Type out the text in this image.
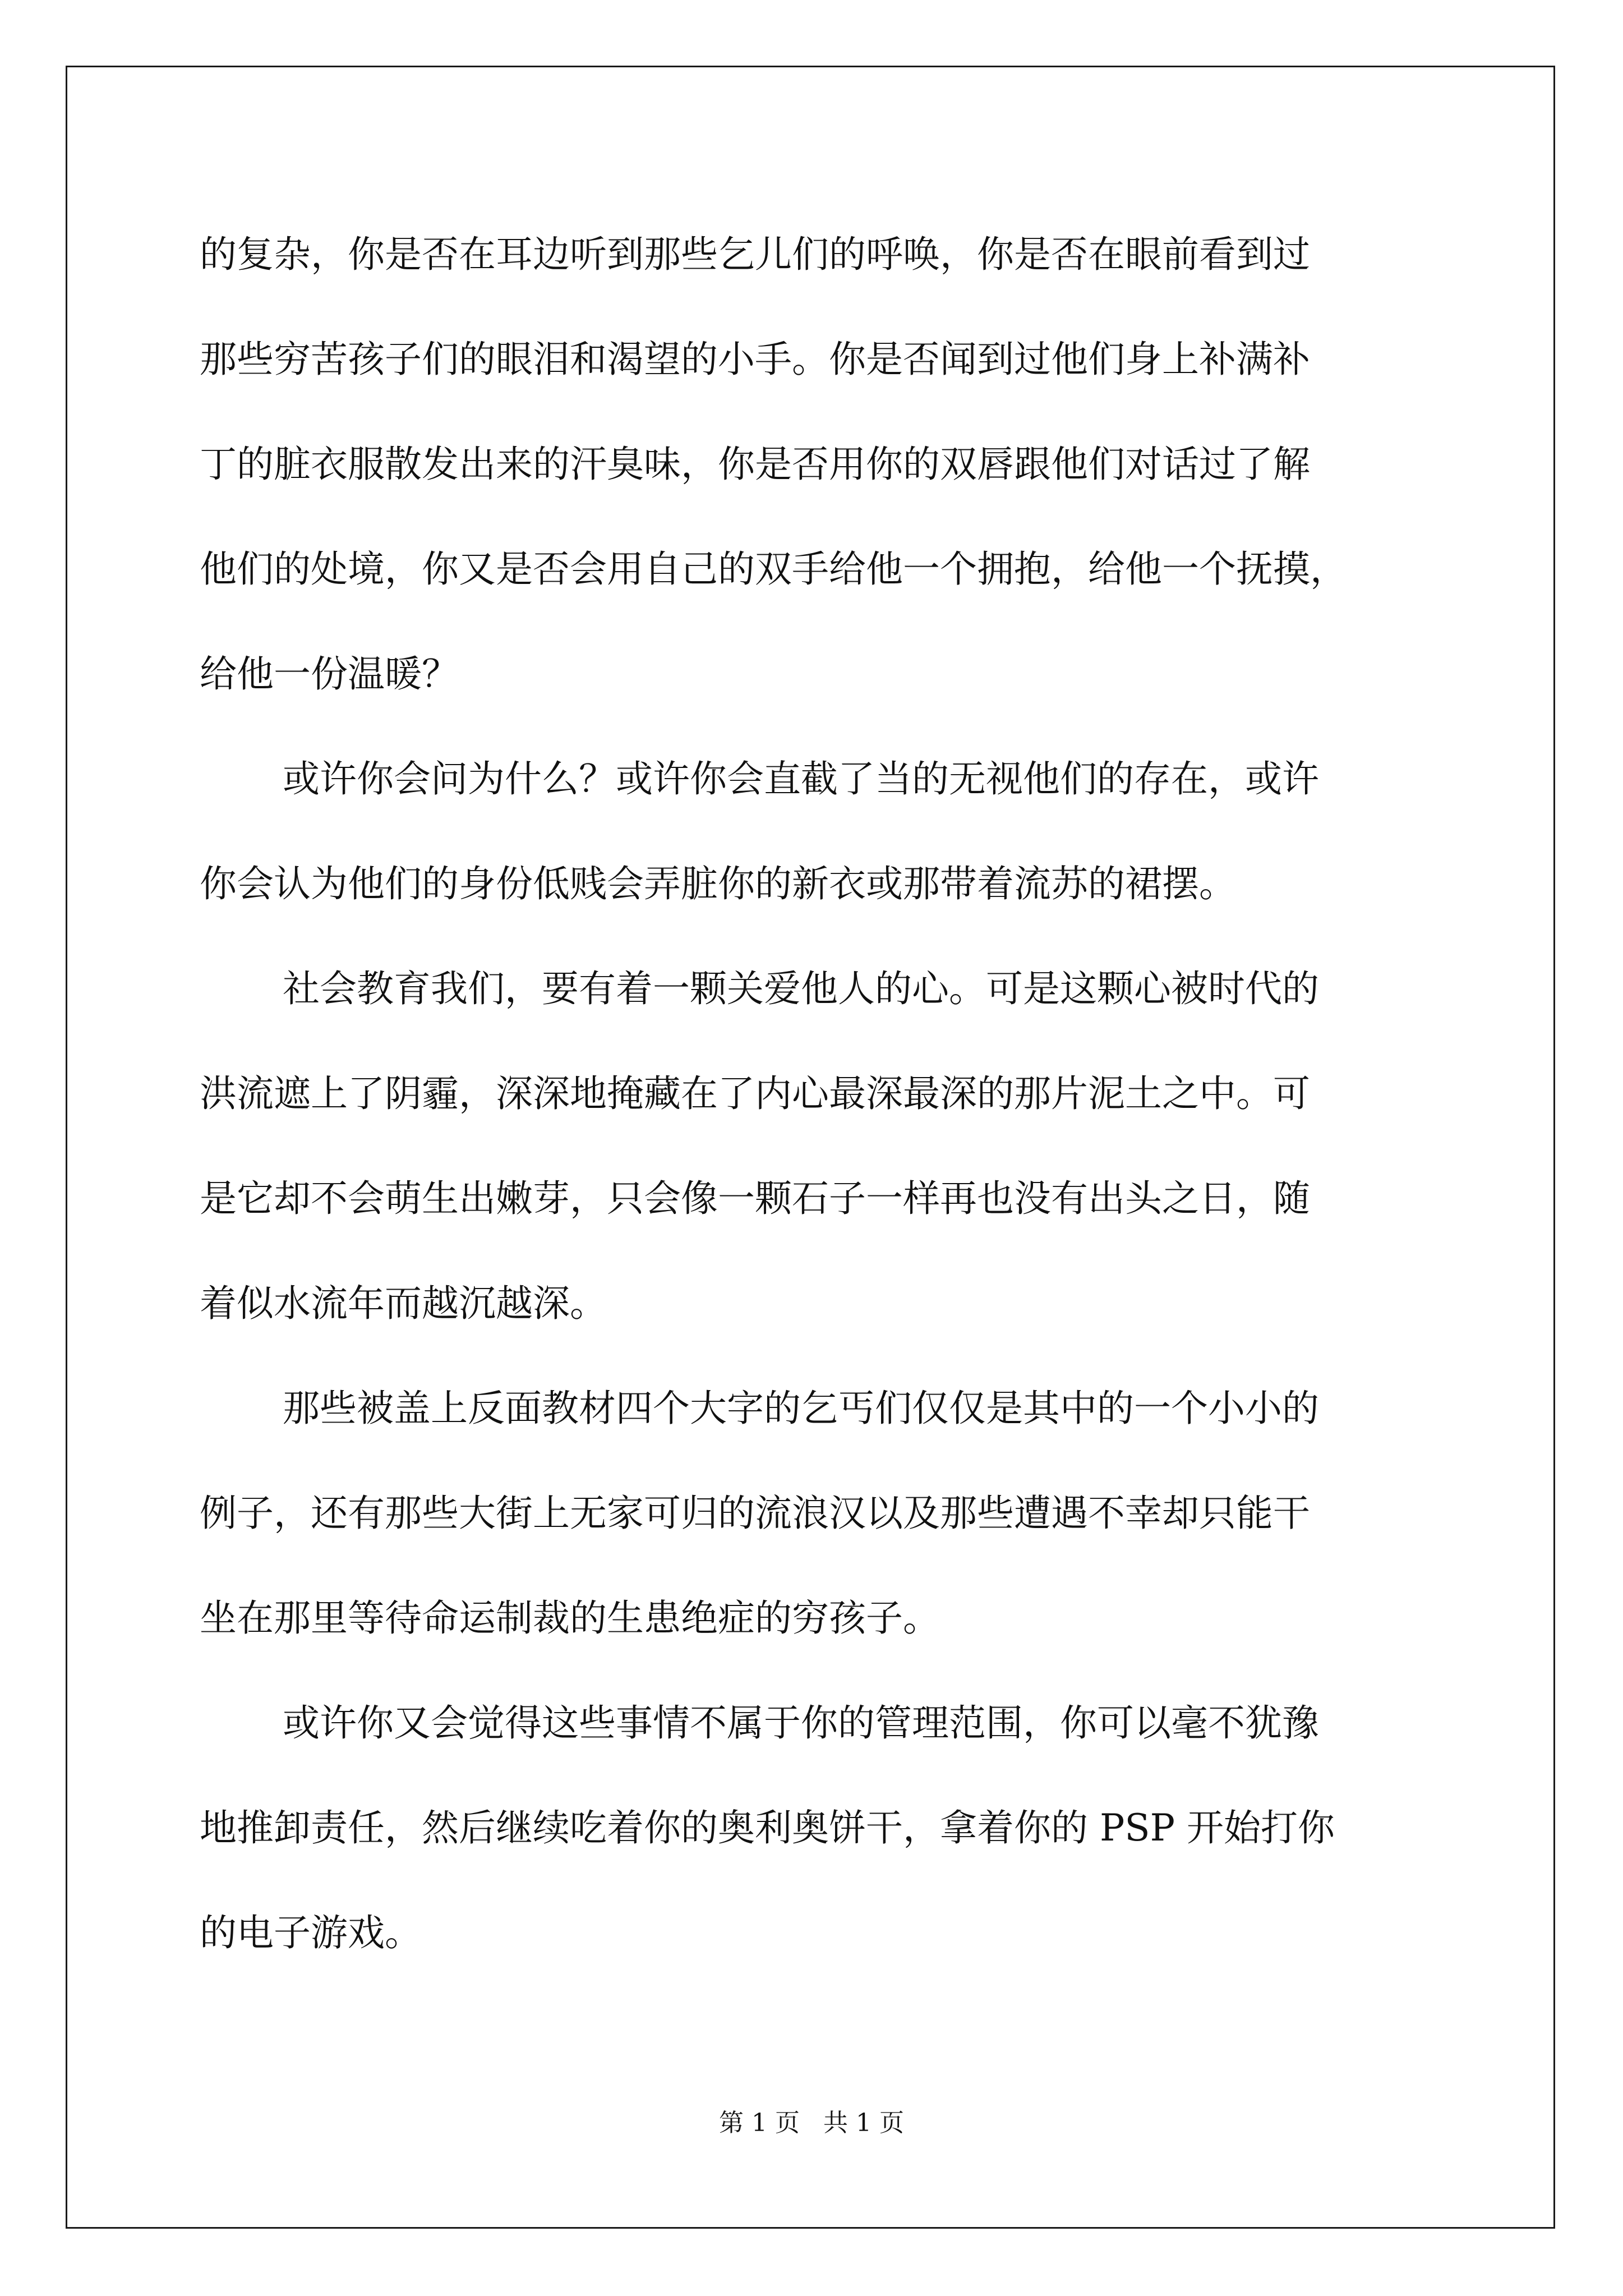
的复杂，你是否在耳边听到那些乞儿们的呼唤，你是否在眼前看到过
那些穷苦孩子们的眼泪和渴望的小手。你是否闻到过他们身上补满补
丁的脏衣服散发出来的汗臭味，你是否用你的双唇跟他们对话过了解
他们的处境，你又是否会用自己的双手给他一个拥抱，给他一个抚摸，
给他一份温暖？
或许你会问为什么？或许你会直截了当的无视他们的存在，或许
你会认为他们的身份低贱会弄脏你的新衣或那带着流苏的裙摆。
社会教育我们，要有着一颗关爱他人的心。可是这颗心被时代的
洪流遮上了阴霾，深深地掩藏在了内心最深最深的那片泥土之中。可
是它却不会萌生出嫩芽，只会像一颗石子一样再也没有出头之日，随
着似水流年而越沉越深。
那些被盖上反面教材四个大字的乞丐们仅仅是其中的一个小小的
例子，还有那些大街上无家可归的流浪汉以及那些遭遇不幸却只能干
坐在那里等待命运制裁的生患绝症的穷孩子。
或许你又会觉得这些事情不属于你的管理范围，你可以毫不犹豫
地推卸责任，然后继续吃着你的奥利奥饼干，拿着你的 PSP 开始打你
的电子游戏。
第 1 页   共 1 页
